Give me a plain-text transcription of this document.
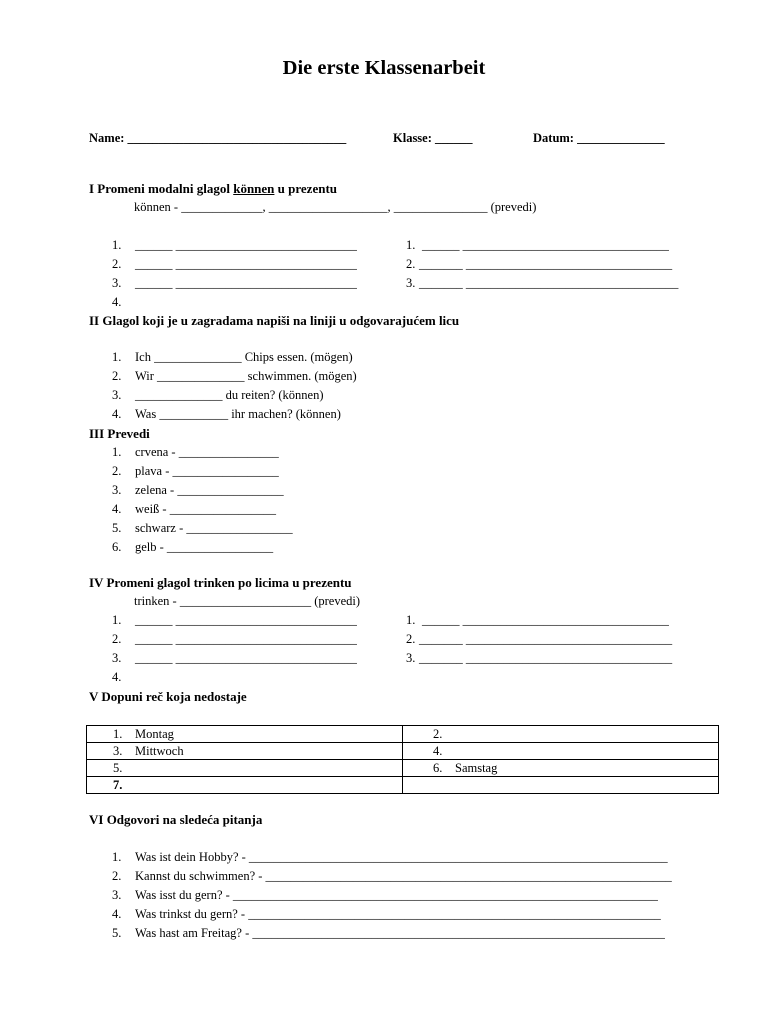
Die erste Klassenarbeit
Name: ___________________________________	Klasse: ______	Datum: ______________
I Promeni modalni glagol können u prezentu
können - _____________, ___________________, _______________ (prevedi)
1. ______ _____________________________
2. ______ _____________________________
3. ______ _____________________________
4.
1. ______ _________________________________
2. _______ _________________________________
3. _______ __________________________________
II Glagol koji je u zagradama napiši na liniji u odgovarajućem licu
1. Ich ______________ Chips essen. (mögen)
2. Wir ______________ schwimmen. (mögen)
3. ______________ du reiten? (können)
4. Was ___________ ihr machen? (können)
III Prevedi
1. crvena - ________________
2. plava - _________________
3. zelena - _________________
4. weiß - _________________
5. schwarz - _________________
6. gelb - _________________
IV Promeni glagol trinken po licima u prezentu
trinken - _____________________ (prevedi)
1. ______ _____________________________
2. ______ _____________________________
3. ______ _____________________________
4.
1. ______ _________________________________
2. _______ _________________________________
3. _______ _________________________________
V Dopuni reč koja nedostaje
1. Montag	2.

3. Mittwoch	4.

5.	6. Samstag

7.	

VI Odgovori na sledeća pitanja
1. Was ist dein Hobby? - ___________________________________________________________________
2. Kannst du schwimmen? - _________________________________________________________________
3. Was isst du gern? - ____________________________________________________________________
4. Was trinkst du gern? - __________________________________________________________________
5. Was hast am Freitag? - __________________________________________________________________
